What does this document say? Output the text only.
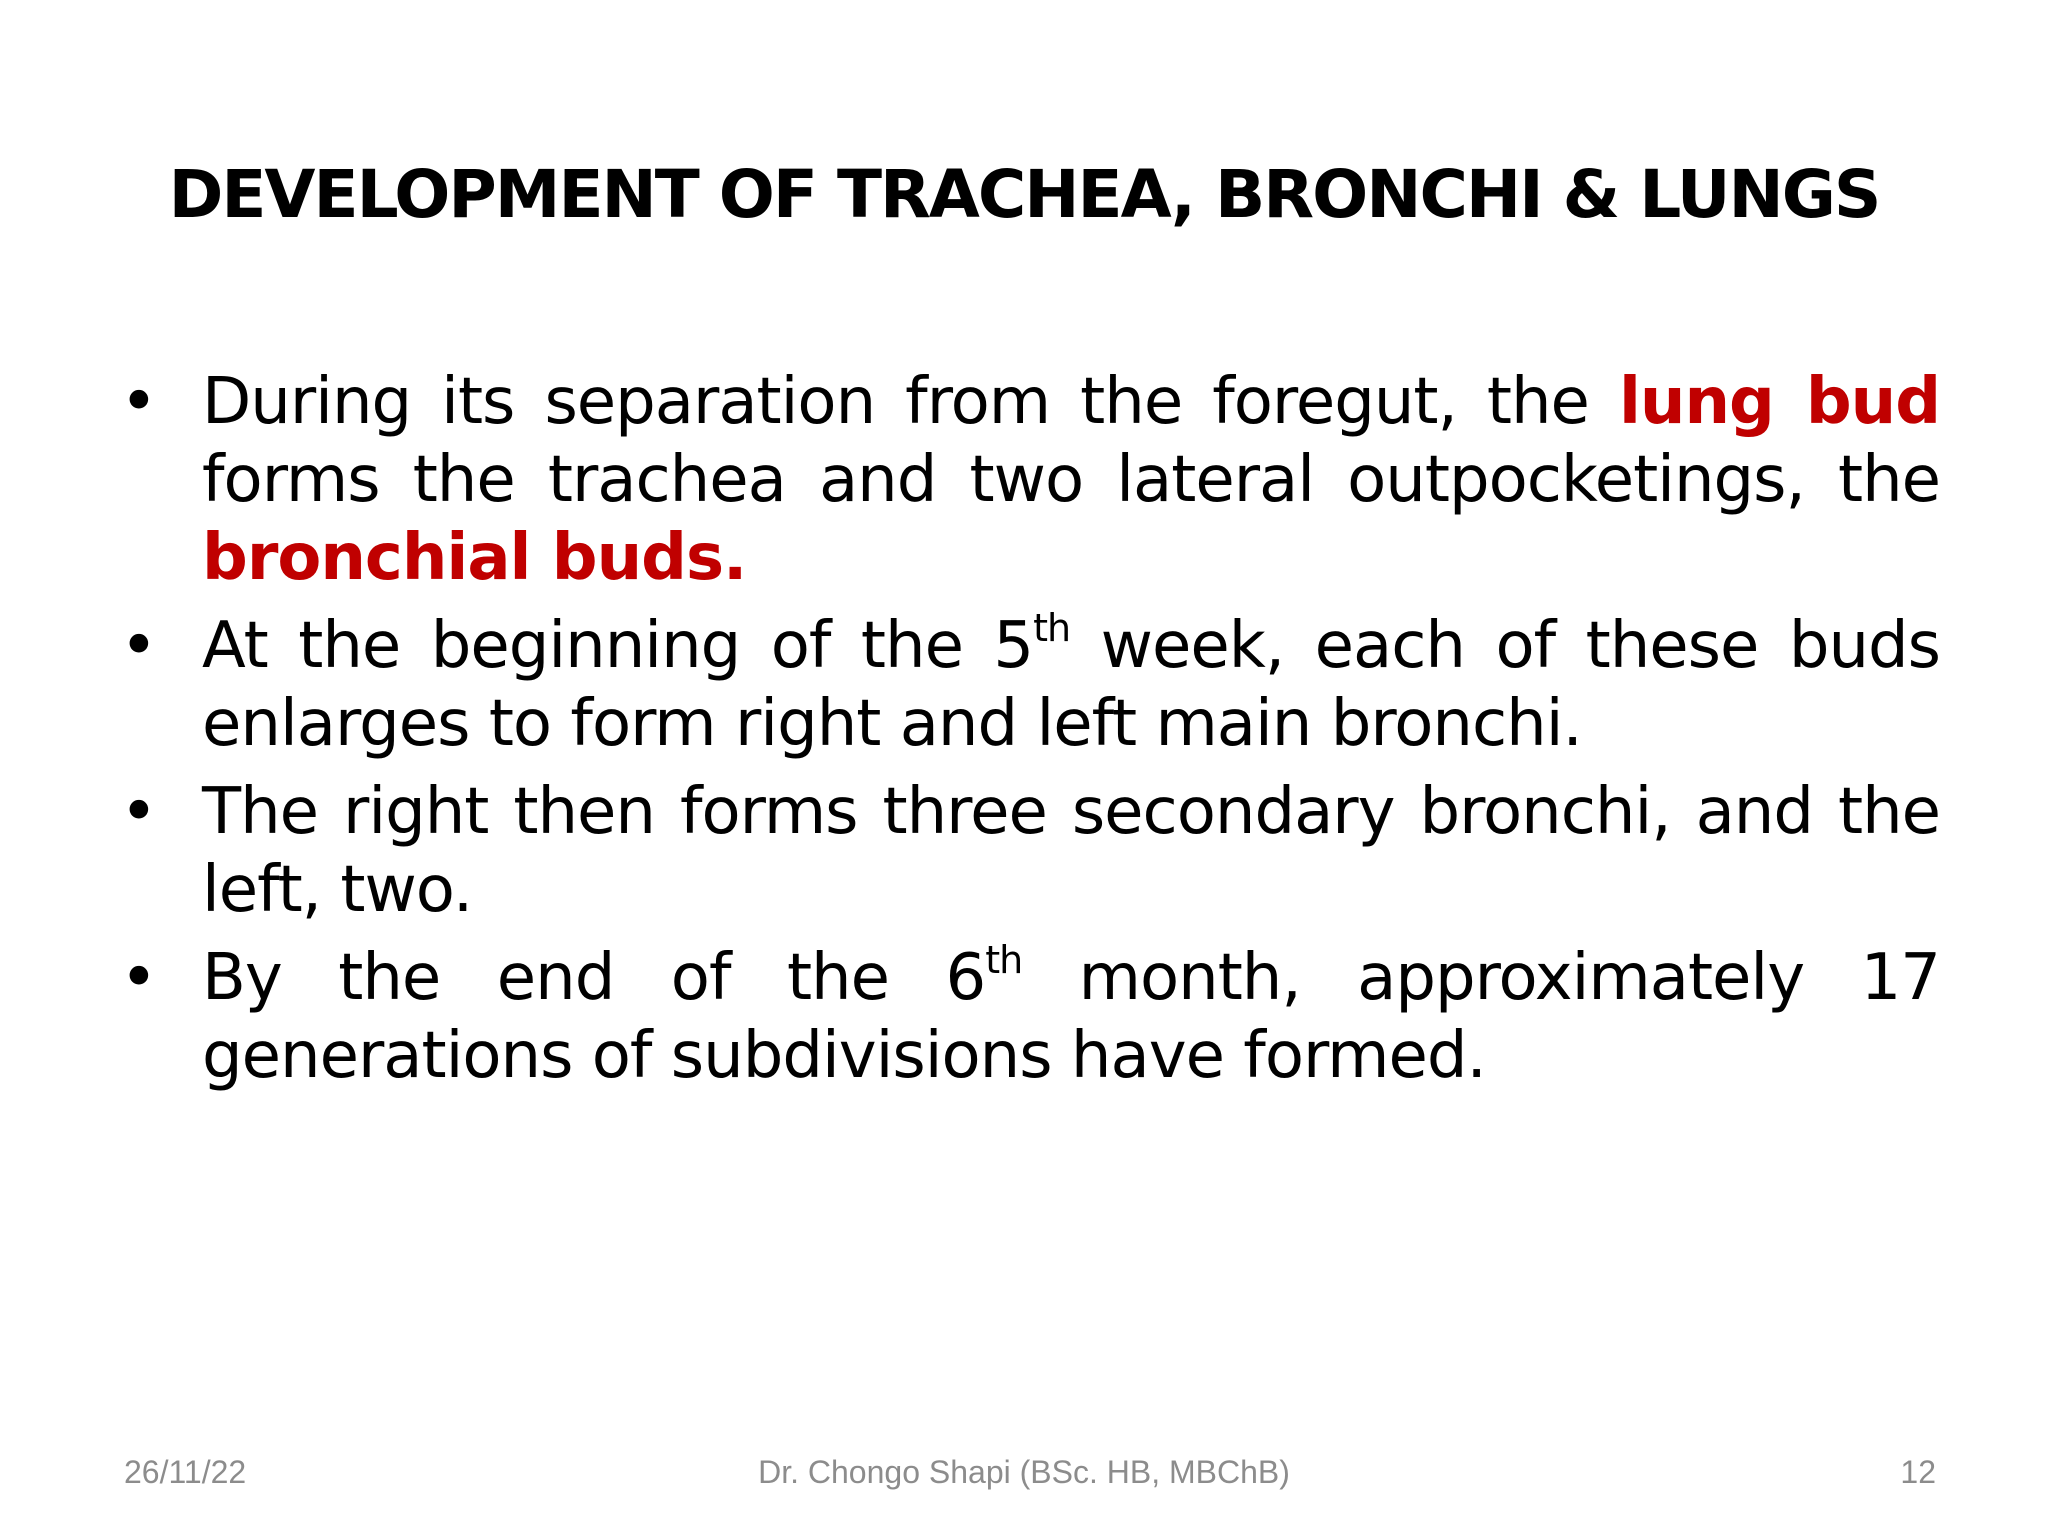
DEVELOPMENT OF TRACHEA, BRONCHI & LUNGS
• During its separation from the foregut, the lung bud forms the trachea and two lateral outpocketings, the bronchial buds.
• At the beginning of the 5th week, each of these buds enlarges to form right and left main bronchi.
• The right then forms three secondary bronchi, and the left, two.
• By the end of the 6th month, approximately 17 generations of subdivisions have formed.
Dr. Chongo Shapi (BSc. HB, MBChB)
26/11/22	12
